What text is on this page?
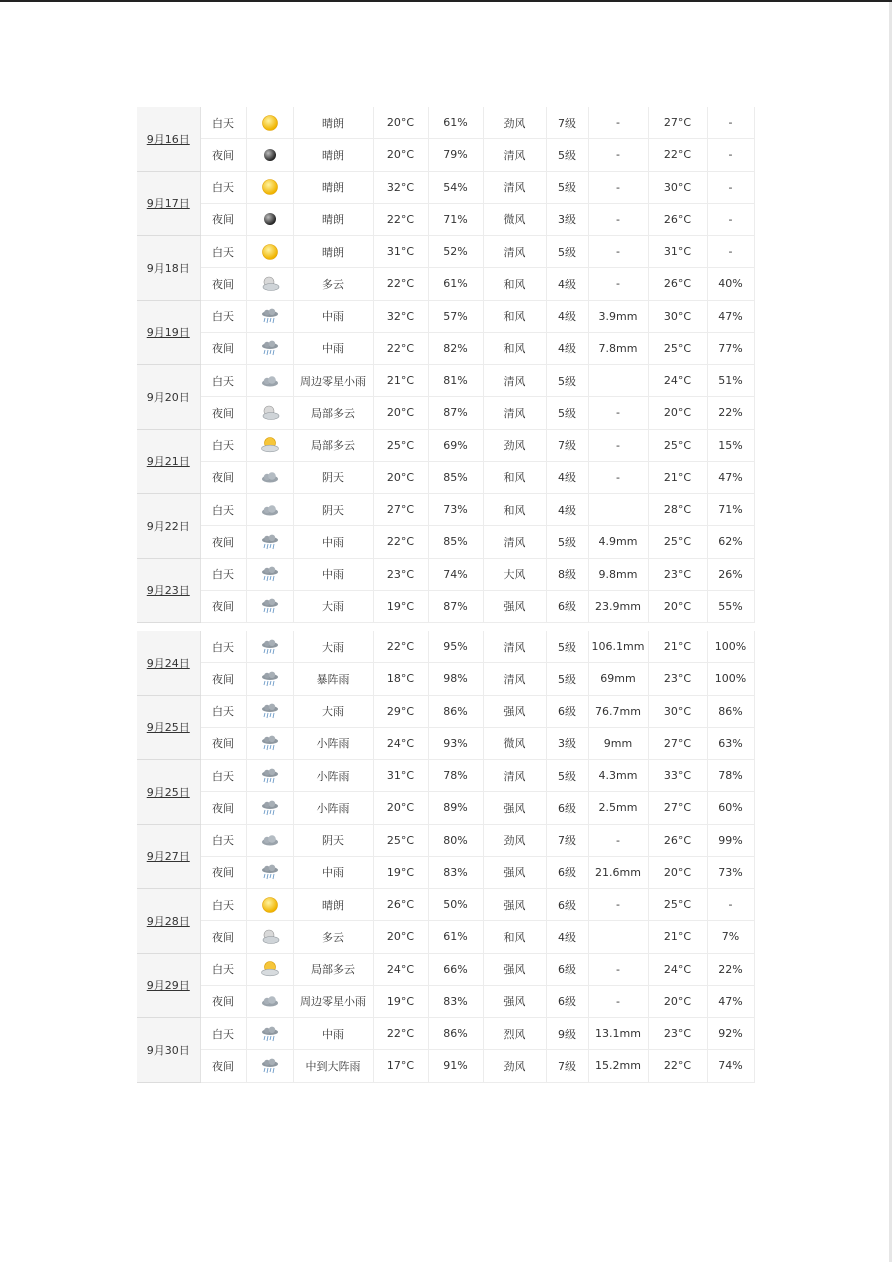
9月16日	白天		晴朗	20°C	61%	劲风	7级	-	27°C	-
	夜间		晴朗	20°C	79%	清风	5级	-	22°C	-
9月17日	白天		晴朗	32°C	54%	清风	5级	-	30°C	-
	夜间		晴朗	22°C	71%	微风	3级	-	26°C	-
9月18日	白天		晴朗	31°C	52%	清风	5级	-	31°C	-
	夜间		多云	22°C	61%	和风	4级	-	26°C	40%
9月19日	白天		中雨	32°C	57%	和风	4级	3.9mm	30°C	47%
	夜间		中雨	22°C	82%	和风	4级	7.8mm	25°C	77%
9月20日	白天		周边零星小雨	21°C	81%	清风	5级		24°C	51%
	夜间		局部多云	20°C	87%	清风	5级	-	20°C	22%
9月21日	白天		局部多云	25°C	69%	劲风	7级	-	25°C	15%
	夜间		阴天	20°C	85%	和风	4级	-	21°C	47%
9月22日	白天		阴天	27°C	73%	和风	4级		28°C	71%
	夜间		中雨	22°C	85%	清风	5级	4.9mm	25°C	62%
9月23日	白天		中雨	23°C	74%	大风	8级	9.8mm	23°C	26%
	夜间		大雨	19°C	87%	强风	6级	23.9mm	20°C	55%
9月24日	白天		大雨	22°C	95%	清风	5级	106.1mm	21°C	100%
	夜间		暴阵雨	18°C	98%	清风	5级	69mm	23°C	100%
9月25日	白天		大雨	29°C	86%	强风	6级	76.7mm	30°C	86%
	夜间		小阵雨	24°C	93%	微风	3级	9mm	27°C	63%
9月25日	白天		小阵雨	31°C	78%	清风	5级	4.3mm	33°C	78%
	夜间		小阵雨	20°C	89%	强风	6级	2.5mm	27°C	60%
9月27日	白天		阴天	25°C	80%	劲风	7级	-	26°C	99%
	夜间		中雨	19°C	83%	强风	6级	21.6mm	20°C	73%
9月28日	白天		晴朗	26°C	50%	强风	6级	-	25°C	-
	夜间		多云	20°C	61%	和风	4级		21°C	7%
9月29日	白天		局部多云	24°C	66%	强风	6级	-	24°C	22%
	夜间		周边零星小雨	19°C	83%	强风	6级	-	20°C	47%
9月30日	白天		中雨	22°C	86%	烈风	9级	13.1mm	23°C	92%
	夜间		中到大阵雨	17°C	91%	劲风	7级	15.2mm	22°C	74%
